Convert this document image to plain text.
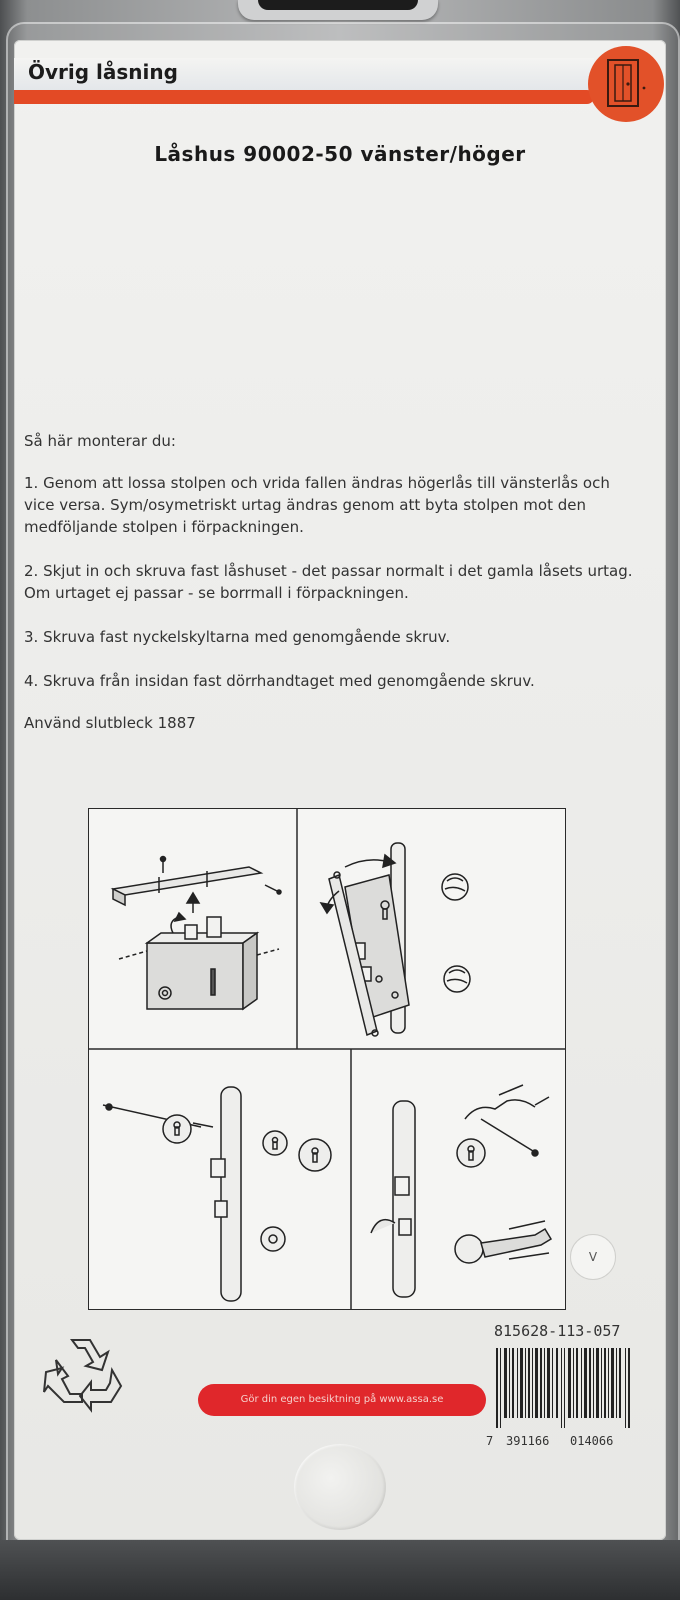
Övrig låsning
Låshus 90002-50 vänster/höger

Så här monterar du:

1. Genom att lossa stolpen och vrida fallen ändras högerlås till vänsterlås och vice versa. Sym/osymetriskt urtag ändras genom att byta stolpen mot den medföljande stolpen i förpackningen.

2. Skjut in och skruva fast låshuset - det passar normalt i det gamla låsets urtag. Om urtaget ej passar - se borrmall i förpackningen.

3. Skruva fast nyckelskyltarna med genomgående skruv.

4. Skruva från insidan fast dörrhandtaget med genomgående skruv.

Använd slutbleck 1887

Gör din egen besiktning på www.assa.se

815628-113-057

7 391166 014066
V
